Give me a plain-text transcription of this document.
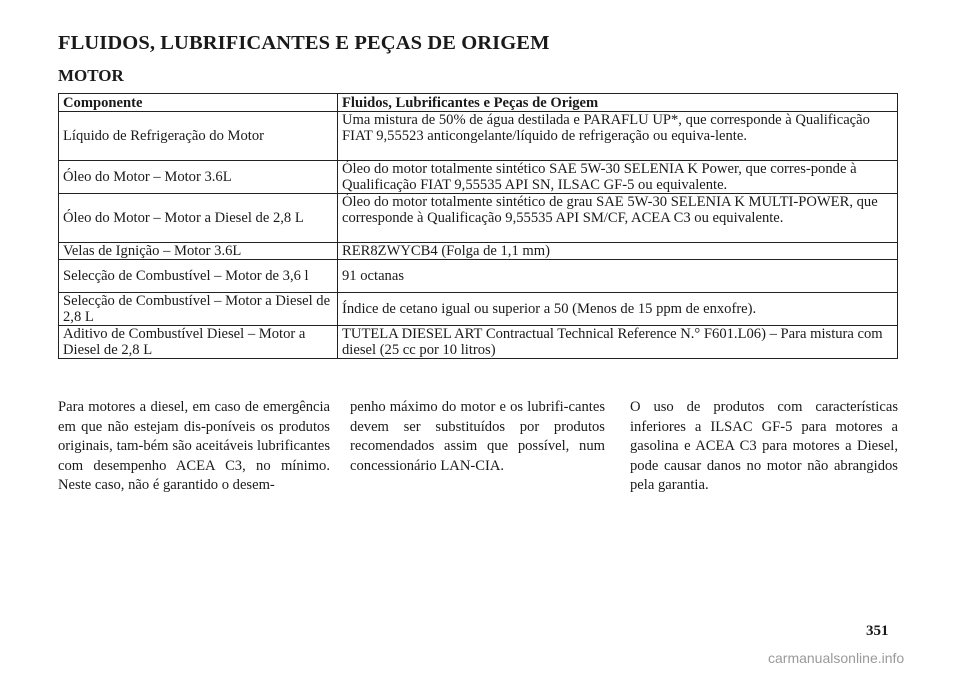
FLUIDOS, LUBRIFICANTES E PEÇAS DE ORIGEM
MOTOR
Componente	Fluidos, Lubrificantes e Peças de Origem
Líquido de Refrigeração do Motor	Uma mistura de 50% de água destilada e PARAFLU UP*, que corresponde à Qualificação FIAT 9,55523 anticongelante/líquido de refrigeração ou equiva-lente.
Óleo do Motor – Motor 3.6L	Óleo do motor totalmente sintético SAE 5W-30 SELENIA K Power, que corres-ponde à Qualificação FIAT 9,55535 API SN, ILSAC GF-5 ou equivalente.
Óleo do Motor – Motor a Diesel de 2,8 L	Óleo do motor totalmente sintético de grau SAE 5W-30 SELENIA K MULTI-POWER, que corresponde à Qualificação 9,55535 API SM/CF, ACEA C3 ou equivalente.
Velas de Ignição – Motor 3.6L	RER8ZWYCB4 (Folga de 1,1 mm)
Selecção de Combustível – Motor de 3,6 l	91 octanas
Selecção de Combustível – Motor a Diesel de 2,8 L	Índice de cetano igual ou superior a 50 (Menos de 15 ppm de enxofre).
Aditivo de Combustível Diesel – Motor a Diesel de 2,8 L	TUTELA DIESEL ART Contractual Technical Reference N.° F601.L06) – Para mistura com diesel (25 cc por 10 litros)

Para motores a diesel, em caso de emergência em que não estejam dis-poníveis os produtos originais, tam-bém são aceitáveis lubrificantes com desempenho ACEA C3, no mínimo. Neste caso, não é garantido o desem-

penho máximo do motor e os lubrifi-cantes devem ser substituídos por produtos recomendados assim que possível, num concessionário LAN-CIA.

O uso de produtos com características inferiores a ILSAC GF-5 para motores a gasolina e ACEA C3 para motores a Diesel, pode causar danos no motor não abrangidos pela garantia.

351
carmanualsonline.info
